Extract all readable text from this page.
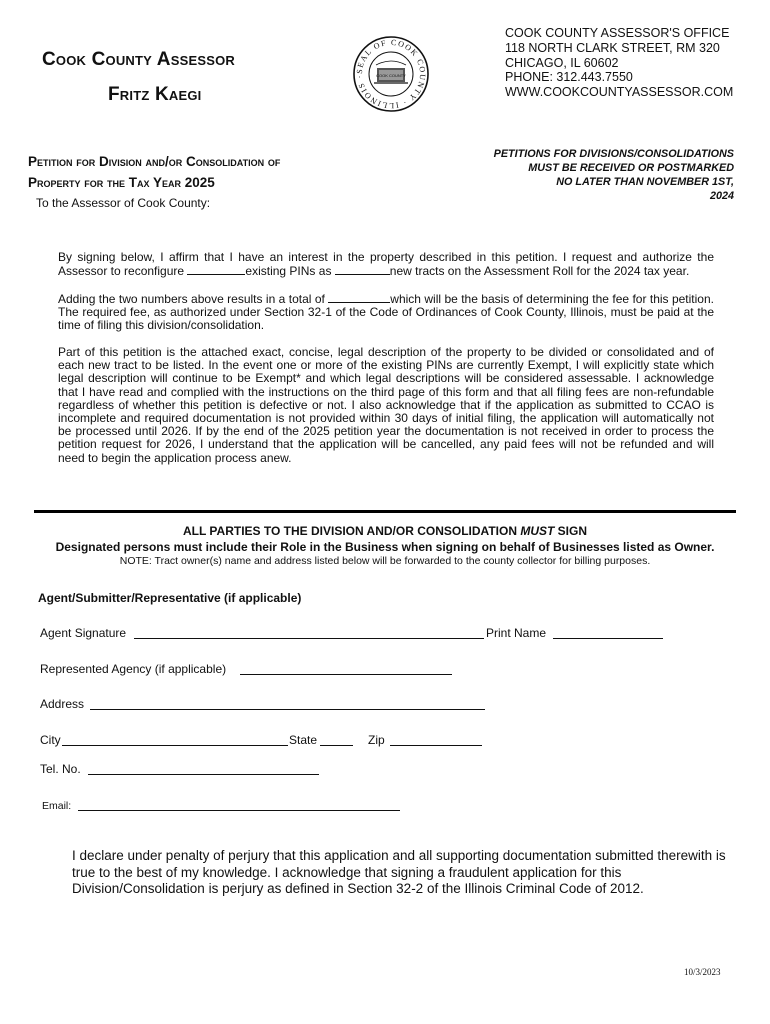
Cook County Assessor
Fritz Kaegi
SEAL OF COOK COUNTY · ILLINOIS ·	COOK COUNTY
COOK COUNTY ASSESSOR'S OFFICE
118 NORTH CLARK STREET, RM 320
CHICAGO, IL 60602
PHONE: 312.443.7550
WWW.COOKCOUNTYASSESSOR.COM
Petition for Division and/or Consolidation of
Property for the Tax Year 2025
To the Assessor of Cook County:
PETITIONS FOR DIVISIONS/CONSOLIDATIONS
MUST BE RECEIVED OR POSTMARKED
NO LATER THAN NOVEMBER 1ST,
2024
By signing below, I affirm that I have an interest in the property described in this petition. I request and authorize the Assessor to reconfigure	existing PINs as	new tracts on the Assessment Roll for the 2024 tax year.
Adding the two numbers above results in a total of	which will be the basis of determining the fee for this petition. The required fee, as authorized under Section 32-1 of the Code of Ordinances of Cook County, Illinois, must be paid at the time of filing this division/consolidation.
Part of this petition is the attached exact, concise, legal description of the property to be divided or consolidated and of each new tract to be listed. In the event one or more of the existing PINs are currently Exempt, I will explicitly state which legal description will continue to be Exempt* and which legal descriptions will be considered assessable. I acknowledge that I have read and complied with the instructions on the third page of this form and that all filing fees are non-refundable regardless of whether this petition is defective or not. I also acknowledge that if the application as submitted to CCAO is incomplete and required documentation is not provided within 30 days of initial filing, the application will automatically not be processed until 2026. If by the end of the 2025 petition year the documentation is not received in order to process the petition request for 2026, I understand that the application will be cancelled, any paid fees will not be refunded and will need to begin the application process anew.
ALL PARTIES TO THE DIVISION AND/OR CONSOLIDATION MUST SIGN
Designated persons must include their Role in the Business when signing on behalf of Businesses listed as Owner.
NOTE: Tract owner(s) name and address listed below will be forwarded to the county collector for billing purposes.
Agent/Submitter/Representative (if applicable)
Agent Signature	Print Name
Represented Agency (if applicable)
Address
City	State	Zip
Tel. No.
Email:
I declare under penalty of perjury that this application and all supporting documentation submitted therewith is true to the best of my knowledge. I acknowledge that signing a fraudulent application for this Division/Consolidation is perjury as defined in Section 32-2 of the Illinois Criminal Code of 2012.
10/3/2023
